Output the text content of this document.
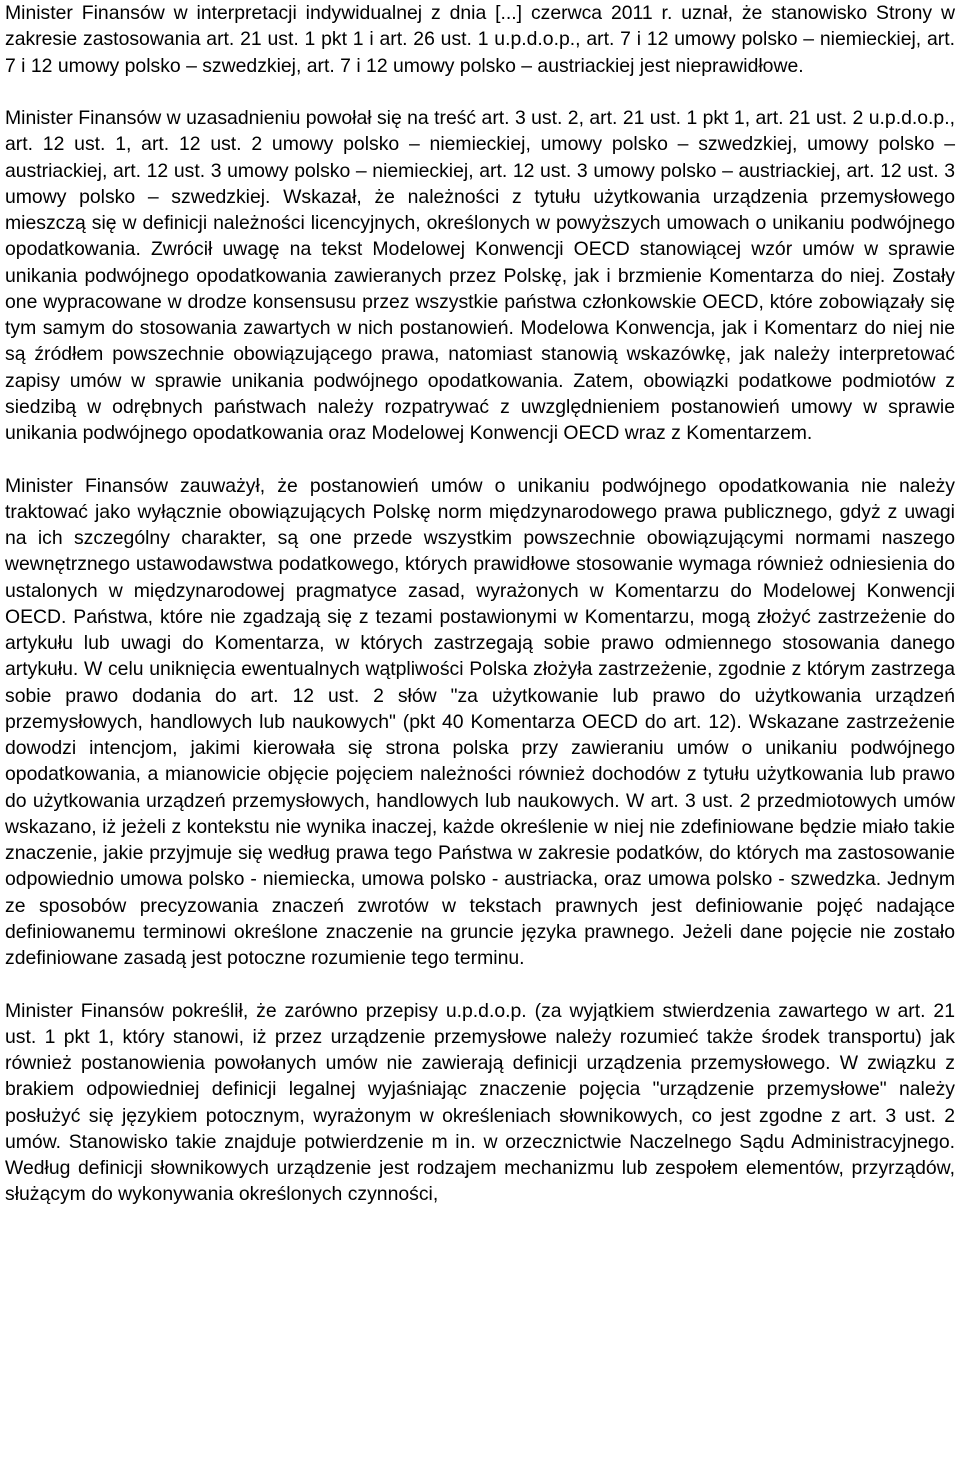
Minister Finansów w interpretacji indywidualnej z dnia [...] czerwca 2011 r. uznał, że stanowisko Strony w zakresie zastosowania art. 21 ust. 1 pkt 1 i art. 26 ust. 1 u.p.d.o.p., art. 7 i 12 umowy polsko – niemieckiej, art. 7 i 12 umowy polsko – szwedzkiej, art. 7 i 12 umowy polsko – austriackiej jest nieprawidłowe.

Minister Finansów w uzasadnieniu powołał się na treść art. 3 ust. 2, art. 21 ust. 1 pkt 1, art. 21 ust. 2 u.p.d.o.p., art. 12 ust. 1, art. 12 ust. 2 umowy polsko – niemieckiej, umowy polsko – szwedzkiej, umowy polsko – austriackiej, art. 12 ust. 3 umowy polsko – niemieckiej, art. 12 ust. 3 umowy polsko – austriackiej, art. 12 ust. 3 umowy polsko – szwedzkiej. Wskazał, że należności z tytułu użytkowania urządzenia przemysłowego mieszczą się w definicji należności licencyjnych, określonych w powyższych umowach o unikaniu podwójnego opodatkowania. Zwrócił uwagę na tekst Modelowej Konwencji OECD stanowiącej wzór umów w sprawie unikania podwójnego opodatkowania zawieranych przez Polskę, jak i brzmienie Komentarza do niej. Zostały one wypracowane w drodze konsensusu przez wszystkie państwa członkowskie OECD, które zobowiązały się tym samym do stosowania zawartych w nich postanowień. Modelowa Konwencja, jak i Komentarz do niej nie są źródłem powszechnie obowiązującego prawa, natomiast stanowią wskazówkę, jak należy interpretować zapisy umów w sprawie unikania podwójnego opodatkowania. Zatem, obowiązki podatkowe podmiotów z siedzibą w odrębnych państwach należy rozpatrywać z uwzględnieniem postanowień umowy w sprawie unikania podwójnego opodatkowania oraz Modelowej Konwencji OECD wraz z Komentarzem.

Minister Finansów zauważył, że postanowień umów o unikaniu podwójnego opodatkowania nie należy traktować jako wyłącznie obowiązujących Polskę norm międzynarodowego prawa publicznego, gdyż z uwagi na ich szczególny charakter, są one przede wszystkim powszechnie obowiązującymi normami naszego wewnętrznego ustawodawstwa podatkowego, których prawidłowe stosowanie wymaga również odniesienia do ustalonych w międzynarodowej pragmatyce zasad, wyrażonych w Komentarzu do Modelowej Konwencji OECD. Państwa, które nie zgadzają się z tezami postawionymi w Komentarzu, mogą złożyć zastrzeżenie do artykułu lub uwagi do Komentarza, w których zastrzegają sobie prawo odmiennego stosowania danego artykułu. W celu uniknięcia ewentualnych wątpliwości Polska złożyła zastrzeżenie, zgodnie z którym zastrzega sobie prawo dodania do art. 12 ust. 2 słów "za użytkowanie lub prawo do użytkowania urządzeń przemysłowych, handlowych lub naukowych" (pkt 40 Komentarza OECD do art. 12). Wskazane zastrzeżenie dowodzi intencjom, jakimi kierowała się strona polska przy zawieraniu umów o unikaniu podwójnego opodatkowania, a mianowicie objęcie pojęciem należności również dochodów z tytułu użytkowania lub prawo do użytkowania urządzeń przemysłowych, handlowych lub naukowych. W art. 3 ust. 2 przedmiotowych umów wskazano, iż jeżeli z kontekstu nie wynika inaczej, każde określenie w niej nie zdefiniowane będzie miało takie znaczenie, jakie przyjmuje się według prawa tego Państwa w zakresie podatków, do których ma zastosowanie odpowiednio umowa polsko - niemiecka, umowa polsko - austriacka, oraz umowa polsko - szwedzka. Jednym ze sposobów precyzowania znaczeń zwrotów w tekstach prawnych jest definiowanie pojęć nadające definiowanemu terminowi określone znaczenie na gruncie języka prawnego. Jeżeli dane pojęcie nie zostało zdefiniowane zasadą jest potoczne rozumienie tego terminu.

Minister Finansów pokreślił, że zarówno przepisy u.p.d.o.p. (za wyjątkiem stwierdzenia zawartego w art. 21 ust. 1 pkt 1, który stanowi, iż przez urządzenie przemysłowe należy rozumieć także środek transportu) jak również postanowienia powołanych umów nie zawierają definicji urządzenia przemysłowego. W związku z brakiem odpowiedniej definicji legalnej wyjaśniając znaczenie pojęcia "urządzenie przemysłowe" należy posłużyć się językiem potocznym, wyrażonym w określeniach słownikowych, co jest zgodne z art. 3 ust. 2 umów. Stanowisko takie znajduje potwierdzenie m in. w orzecznictwie Naczelnego Sądu Administracyjnego. Według definicji słownikowych urządzenie jest rodzajem mechanizmu lub zespołem elementów, przyrządów, służącym do wykonywania określonych czynności,
